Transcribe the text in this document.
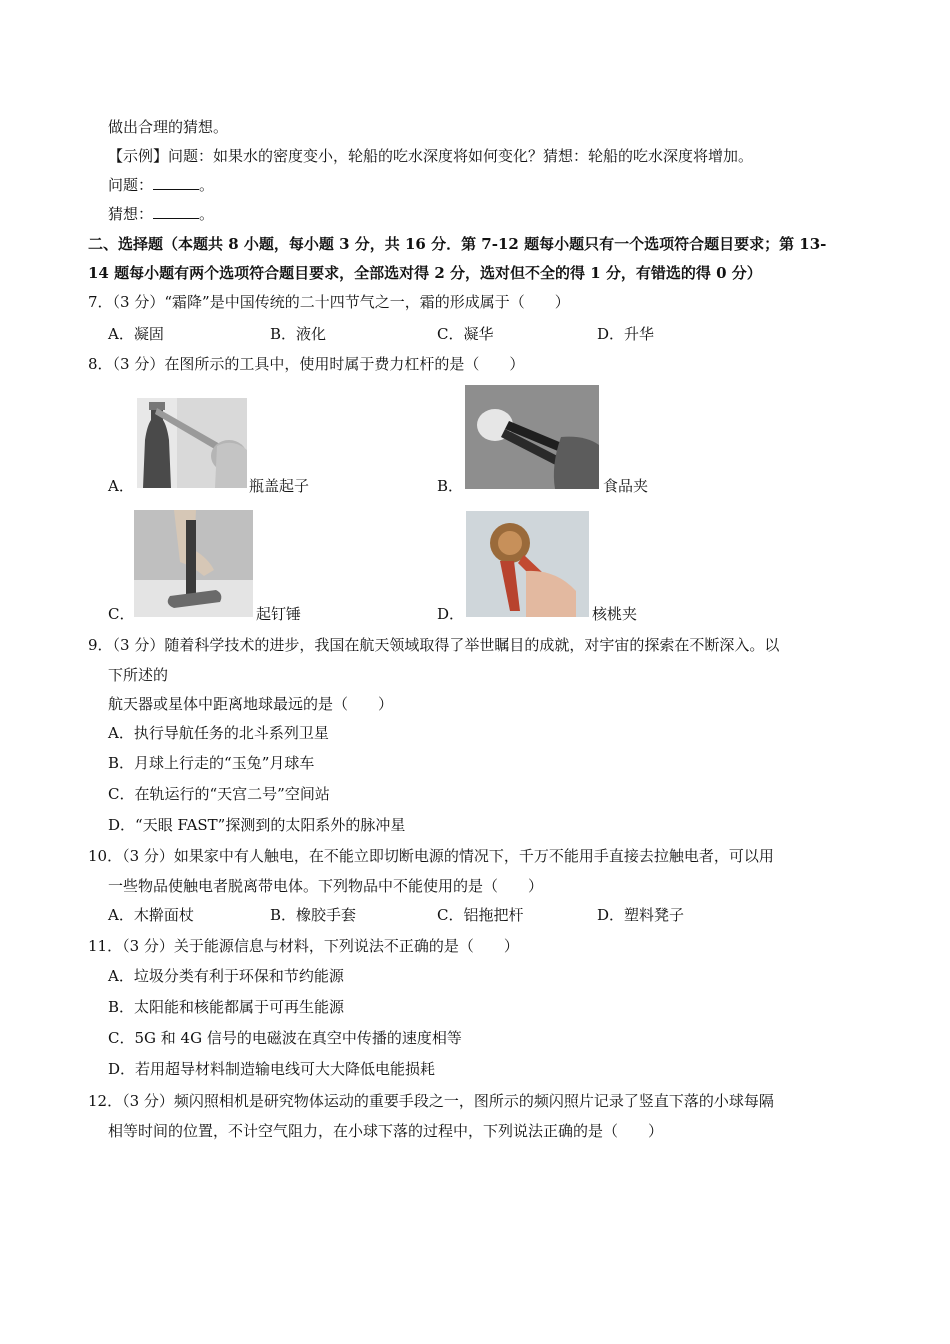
做出合理的猜想。
【示例】问题：如果水的密度变小，轮船的吃水深度将如何变化？猜想：轮船的吃水深度将增加。
问题：	。
猜想：	。
二、选择题（本题共 8 小题，每小题 3 分，共 16 分．第 7-12 题每小题只有一个选项符合题目要求；第 13-
14 题每小题有两个选项符合题目要求，全部选对得 2 分，选对但不全的得 1 分，有错选的得 0 分）
7．（3 分）“霜降”是中国传统的二十四节气之一，霜的形成属于（　　）
A．凝固	B．液化	C．凝华	D．升华
8．（3 分）在图所示的工具中，使用时属于费力杠杆的是（　　）
A．	瓶盖起子	B．	食品夹
C．	起钉锤	D．	核桃夹
9．（3 分）随着科学技术的进步，我国在航天领域取得了举世瞩目的成就，对宇宙的探索在不断深入。以
下所述的
航天器或星体中距离地球最远的是（　　）
A．执行导航任务的北斗系列卫星
B．月球上行走的“玉兔”月球车
C．在轨运行的“天宫二号”空间站
D．“天眼 FAST”探测到的太阳系外的脉冲星
10．（3 分）如果家中有人触电，在不能立即切断电源的情况下，千万不能用手直接去拉触电者，可以用
一些物品使触电者脱离带电体。下列物品中不能使用的是（　　）
A．木擀面杖	B．橡胶手套	C．铝拖把杆	D．塑料凳子
11．（3 分）关于能源信息与材料，下列说法不正确的是（　　）
A．垃圾分类有利于环保和节约能源
B．太阳能和核能都属于可再生能源
C．5G 和 4G 信号的电磁波在真空中传播的速度相等
D．若用超导材料制造输电线可大大降低电能损耗
12．（3 分）频闪照相机是研究物体运动的重要手段之一，图所示的频闪照片记录了竖直下落的小球每隔
相等时间的位置，不计空气阻力，在小球下落的过程中，下列说法正确的是（　　）
